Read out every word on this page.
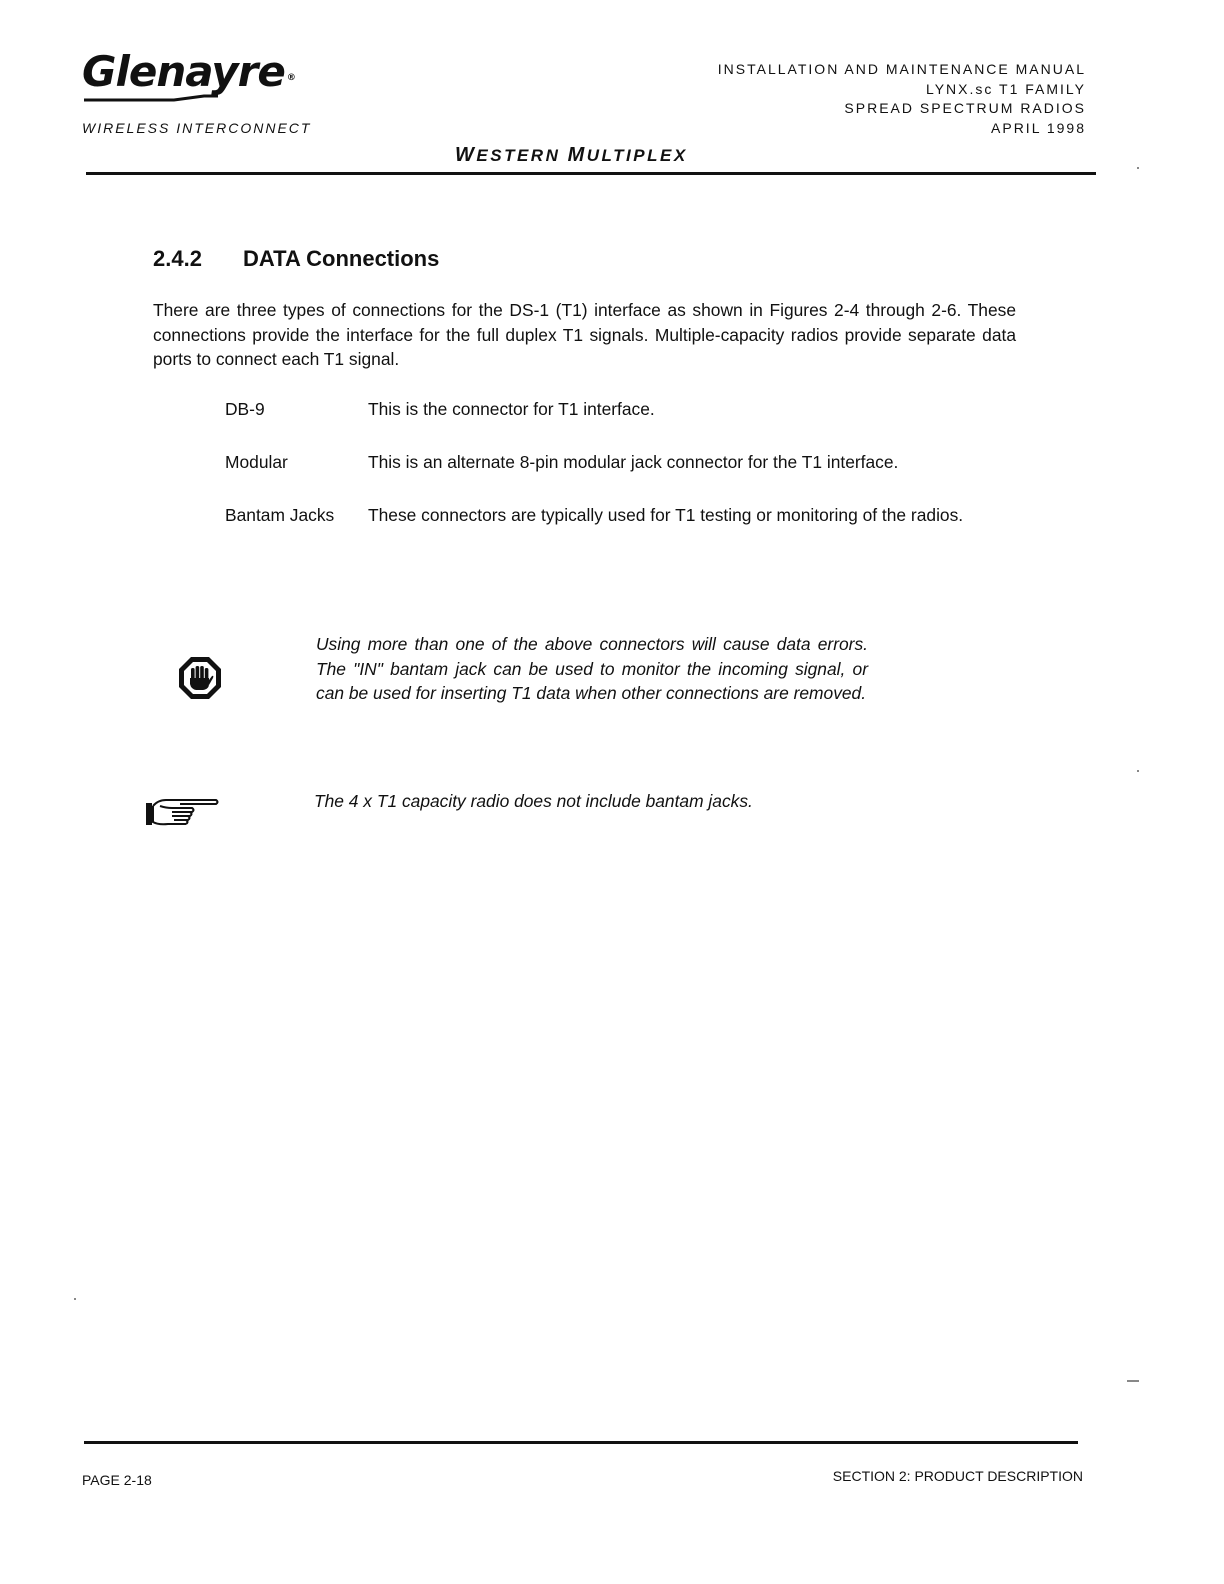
Glenayre ®
WIRELESS INTERCONNECT
INSTALLATION AND MAINTENANCE MANUAL
LYNX.sc T1 FAMILY
SPREAD SPECTRUM RADIOS
APRIL 1998
WESTERN MULTIPLEX
2.4.2 DATA Connections

There are three types of connections for the DS-1 (T1) interface as shown in Figures 2-4 through 2-6. These connections provide the interface for the full duplex T1 signals. Multiple-capacity radios provide separate data ports to connect each T1 signal.

DB-9	This is the connector for T1 interface.
Modular	This is an alternate 8-pin modular jack connector for the T1 interface.
Bantam Jacks	These connectors are typically used for T1 testing or monitoring of the radios.

Using more than one of the above connectors will cause data errors. The "IN" bantam jack can be used to monitor the incoming signal, or can be used for inserting T1 data when other connections are removed.

The 4 x T1 capacity radio does not include bantam jacks.
PAGE 2-18	SECTION 2: PRODUCT DESCRIPTION
